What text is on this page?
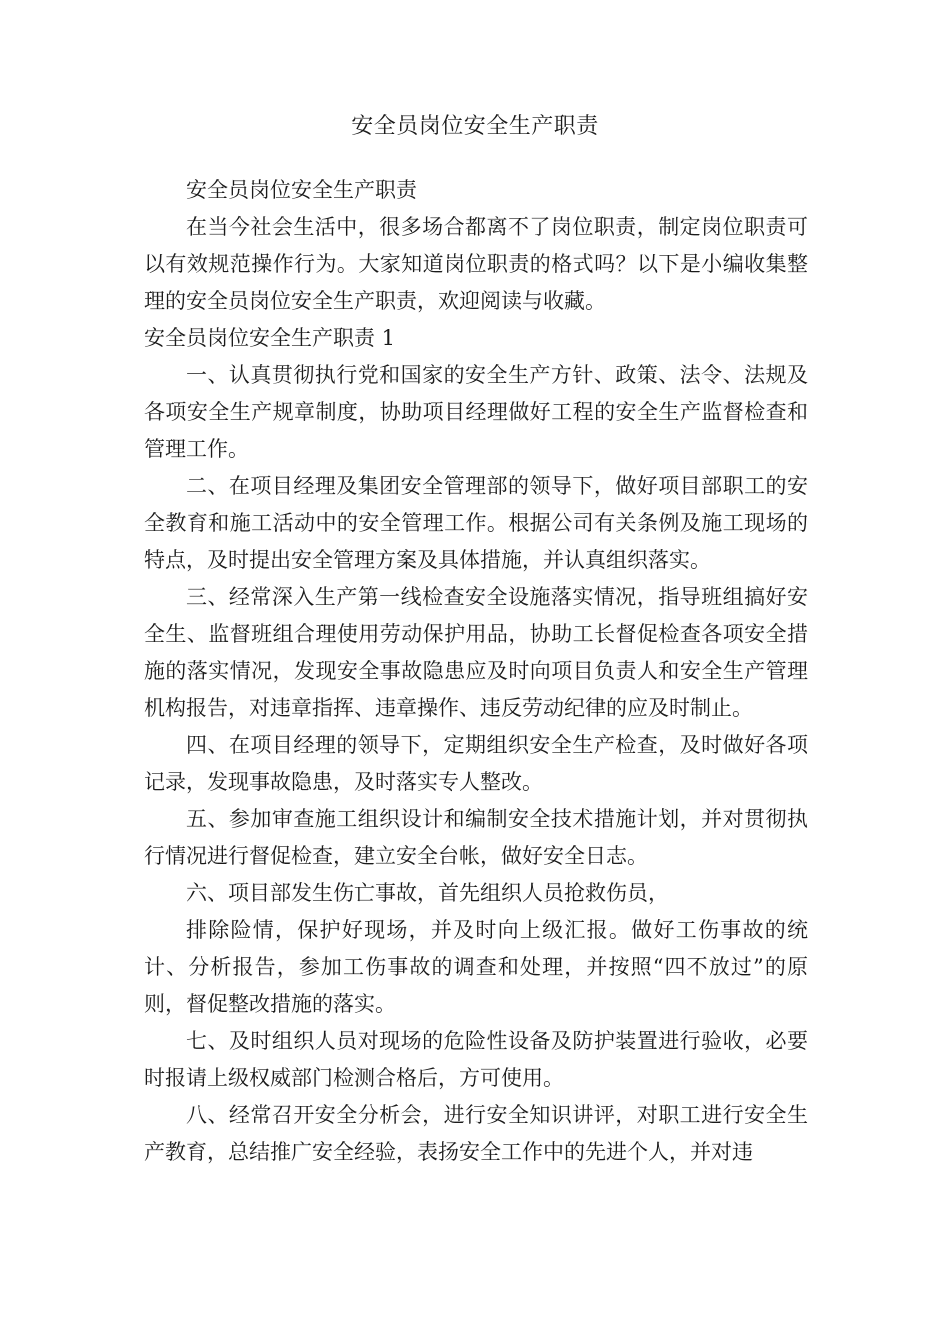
安全员岗位安全生产职责

安全员岗位安全生产职责

在当今社会生活中，很多场合都离不了岗位职责，制定岗位职责可以有效规范操作行为。大家知道岗位职责的格式吗？以下是小编收集整理的安全员岗位安全生产职责，欢迎阅读与收藏。

安全员岗位安全生产职责 1

一、认真贯彻执行党和国家的安全生产方针、政策、法令、法规及各项安全生产规章制度，协助项目经理做好工程的安全生产监督检查和管理工作。

二、在项目经理及集团安全管理部的领导下，做好项目部职工的安全教育和施工活动中的安全管理工作。根据公司有关条例及施工现场的特点，及时提出安全管理方案及具体措施，并认真组织落实。

三、经常深入生产第一线检查安全设施落实情况，指导班组搞好安全生、监督班组合理使用劳动保护用品，协助工长督促检查各项安全措施的落实情况，发现安全事故隐患应及时向项目负责人和安全生产管理机构报告，对违章指挥、违章操作、违反劳动纪律的应及时制止。

四、在项目经理的领导下，定期组织安全生产检查，及时做好各项记录，发现事故隐患，及时落实专人整改。

五、参加审查施工组织设计和编制安全技术措施计划，并对贯彻执行情况进行督促检查，建立安全台帐，做好安全日志。

六、项目部发生伤亡事故，首先组织人员抢救伤员，

排除险情，保护好现场，并及时向上级汇报。做好工伤事故的统计、分析报告，参加工伤事故的调查和处理，并按照“四不放过”的原则，督促整改措施的落实。

七、及时组织人员对现场的危险性设备及防护装置进行验收，必要时报请上级权威部门检测合格后，方可使用。

八、经常召开安全分析会，进行安全知识讲评，对职工进行安全生产教育，总结推广安全经验，表扬安全工作中的先进个人，并对违
